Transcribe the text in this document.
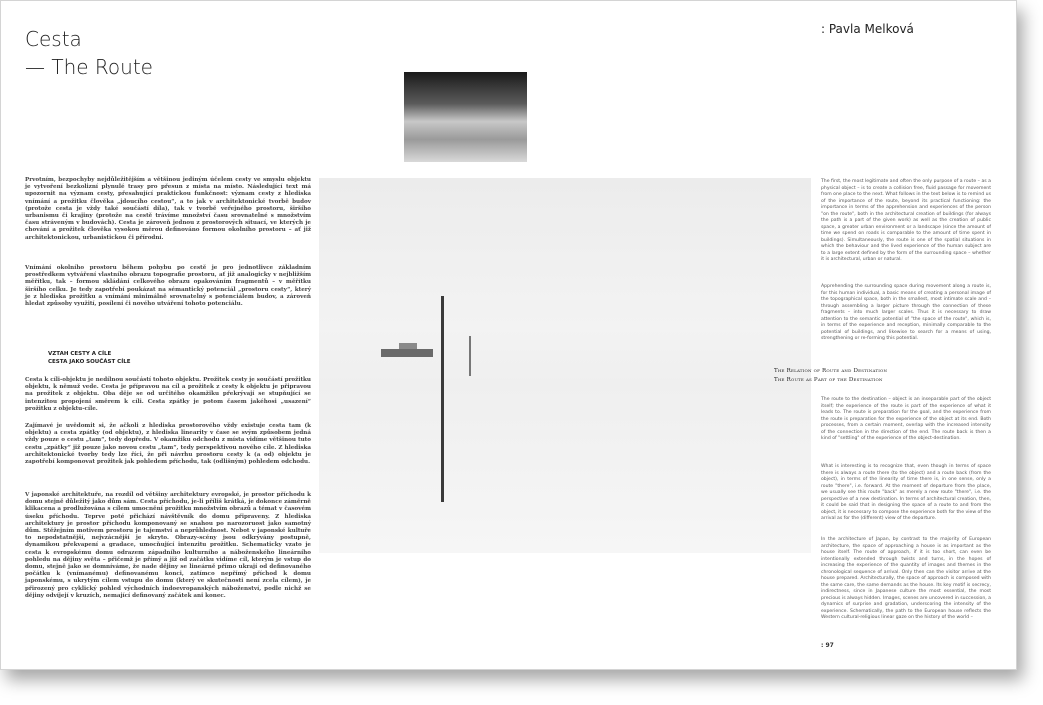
Cesta
— The Route
: Pavla Melková

Prvotním, bezpochyby nejdůležitějším a většinou jediným účelem cesty ve smyslu objektu je vytvoření bezkolizní plynulé trasy pro přesun z místa na místo. Následující text má upozornit na význam cesty, přesahující praktickou funkčnost: význam cesty z hlediska vnímání a prožitku člověka „jdoucího cestou“, a to jak v architektonické tvorbě budov (protože cesta je vždy také součástí díla), tak v tvorbě veřejného prostoru, širšího urbanismu či krajiny (protože na cestě trávíme množství času srovnatelné s množstvím času stráveným v budovách). Cesta je zároveň jednou z prostorových situací, ve kterých je chování a prožitek člověka vysokou měrou definováno formou okolního prostoru – ať již architektonickou, urbanistickou či přírodní.

Vnímání okolního prostoru během pohybu po cestě je pro jednotlivce základním prostředkem vytváření vlastního obrazu topografie prostoru, ať již analogicky v nejbližším měřítku, tak – formou skládání celkového obrazu opakováním fragmentů – v měřítku širšího celku. Je tedy zapotřebí poukázat na sémantický potenciál „prostoru cesty“, který je z hlediska prožitku a vnímání minimálně srovnatelný s potenciálem budov, a zároveň hledat způsoby využití, posílení či nového utváření tohoto potenciálu.

VZTAH CESTY A CÍLE
CESTA JAKO SOUČÁST CÍLE

Cesta k cíli-objektu je nedílnou součástí tohoto objektu. Prožitek cesty je součástí prožitku objektu, k němuž vede. Cesta je přípravou na cíl a prožitek z cesty k objektu je připravou na prožitek z objektu. Oba děje se od určitého okamžiku překrývají se stupňující se intenzitou propojení směrem k cíli. Cesta zpátky je potom časem jakéhosi „usazení“ prožitku z objektu-cíle.

Zajímavé je uvědomit si, že ačkoli z hlediska prostorového vždy existuje cesta tam (k objektu) a cesta zpátky (od objektu), z hlediska linearity v čase se svým způsobem jedná vždy pouze o cestu „tam“, tedy dopředu. V okamžiku odchodu z místa vidíme většinou tuto cestu „zpátky“ již pouze jako novou cestu „tam“, tedy perspektivou nového cíle. Z hlediska architektonické tvorby tedy lze říci, že při návrhu prostoru cesty k (a od) objektu je zapotřebí komponovat prožitek jak pohledem příchodu, tak (odlišným) pohledem odchodu.

V japonské architektuře, na rozdíl od většiny architektury evropské, je prostor příchodu k domu stejně důležitý jako dům sám. Cesta příchodu, je-li příliš krátká, je dokonce záměrně klikacena a prodlužována s cílem umocnění prožitku množstvím obrazů a témat v časovém úseku příchodu. Teprve poté přichází návštěvník do domu připraveny. Z hlediska architektury je prostor příchodu komponovaný se snahou po narozoruost jako samotný dům. Stěžejním motivem prostoru je tajemství a neprůhlednost. Nebot v japonské kultuře to nepodstatnější, nejvzácnější je skryto. Obrazy-scény jsou odkrývány postupně, dynamikou překvapení a gradace, umocňující intenzitu prožitku. Schematicky vzato je cesta k evropskému domu odrazem západního kulturního a náboženského lineárního pohledu na dějiny světa – přičemž je přímý a již od začátku vidíme cíl, kterým je vstup do domu, stejně jako se domníváme, že nade dějiny se lineárně přímo ukrají od definovaného počátku k (vnímanému) definovanému konci, zatímco nepřímý příchod k domu japonskému, s ukrytým cílem vstupu do domu (který ve skutečnosti není zcela cílem), je přirozený pro cyklický pohled východních indoevropanských náboženství, podle nichž se dějiny odvíjejí v kruzích, nemající definovaný začátek ani konec.

The first, the most legitimate and often the only purpose of a route – as a physical object – is to create a collision free, fluid passage for movement from one place to the next. What follows in the text below is to remind us of the importance of the route, beyond its practical functioning: the importance in terms of the apprehension and experiences of the person "on the route", both in the architectural creation of buildings (for always the path is a part of the given work) as well as the creation of public space, a greater urban environment or a landscape (since the amount of time we spend on roads is comparable to the amount of time spent in buildings). Simultaneously, the route is one of the spatial situations in which the behaviour and the lived experience of the human subject are to a large extent defined by the form of the surrounding space – whether it is architectural, urban or natural.

Apprehending the surrounding space during movement along a route is, for this human individual, a basic means of creating a personal image of the topographical space, both in the smallest, most intimate scale and – through assembling a larger picture through the connection of these fragments – into much larger scales. Thus it is necessary to draw attention to the semantic potential of "the space of the route", which is, in terms of the experience and reception, minimally comparable to the potential of buildings, and likewise to search for a means of using, strengthening or re-forming this potential.

The Relation of Route and Destination
The Route as Part of the Destination

The route to the destination – object is an inseparable part of the object itself; the experience of the route is part of the experience of what it leads to. The route is preparation for the goal, and the experience from the route is preparation for the experience of the object at its end. Both processes, from a certain moment, overlap with the increased intensity of the connection in the direction of the end. The route back is then a kind of "settling" of the experience of the object-destination.

What is interesting is to recognize that, even though in terms of space there is always a route there (to the object) and a route back (from the object), in terms of the linearity of time there is, in one sense, only a route "there", i.e. forward. At the moment of departure from the place, we usually see this route "back" as merely a new route "there", i.e. the perspective of a new destination. In terms of architectural creation, then, it could be said that in designing the space of a route to and from the object, it is necessary to compose the experience both for the view of the arrival as for the (different) view of the departure.

In the architecture of Japan, by contrast to the majority of European architecture, the space of approaching a house is as important as the house itself. The route of approach, if it is too short, can even be intentionally extended through twists and turns, in the hopes of increasing the experience of the quantity of images and themes in the chronological sequence of arrival. Only then can the visitor arrive at the house prepared. Architecturally, the space of approach is composed with the same care, the same demands as the house. Its key motif is secrecy, indirectness, since in Japanese culture the most essential, the most precious is always hidden. Images, scenes are uncovered in succession, a dynamics of surprise and gradation, underscoring the intensity of the experience. Schematically, the path to the European house reflects the Western cultural-religious linear gaze on the history of the world –

: 97
